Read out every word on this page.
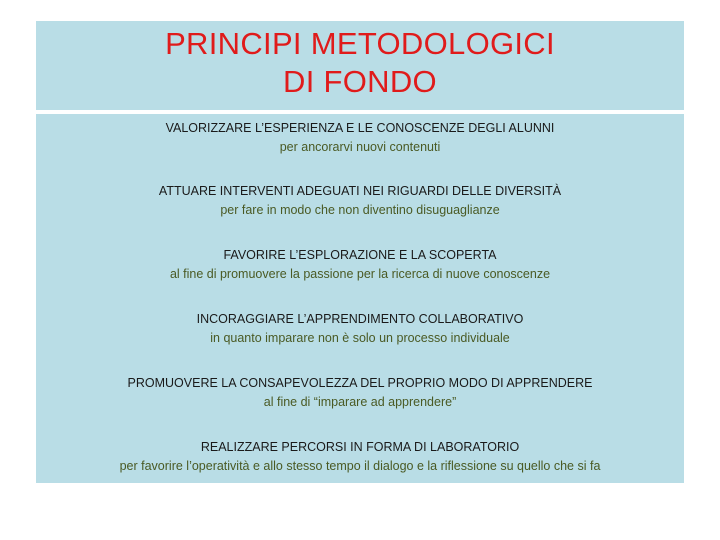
PRINCIPI METODOLOGICI
DI FONDO
VALORIZZARE L’ESPERIENZA E LE CONOSCENZE DEGLI ALUNNI
per ancorarvi nuovi contenuti
ATTUARE INTERVENTI ADEGUATI NEI RIGUARDI DELLE DIVERSITÀ
per fare in modo che non diventino disuguaglianze
FAVORIRE L’ESPLORAZIONE E LA SCOPERTA
al fine di promuovere la passione per la ricerca di nuove conoscenze
INCORAGGIARE L’APPRENDIMENTO COLLABORATIVO
in quanto imparare non è solo un processo individuale
PROMUOVERE LA CONSAPEVOLEZZA DEL PROPRIO MODO DI APPRENDERE
al fine di “imparare ad apprendere”
REALIZZARE PERCORSI IN FORMA DI LABORATORIO
per favorire l’operatività e allo stesso tempo il dialogo e la riflessione su quello che si fa
